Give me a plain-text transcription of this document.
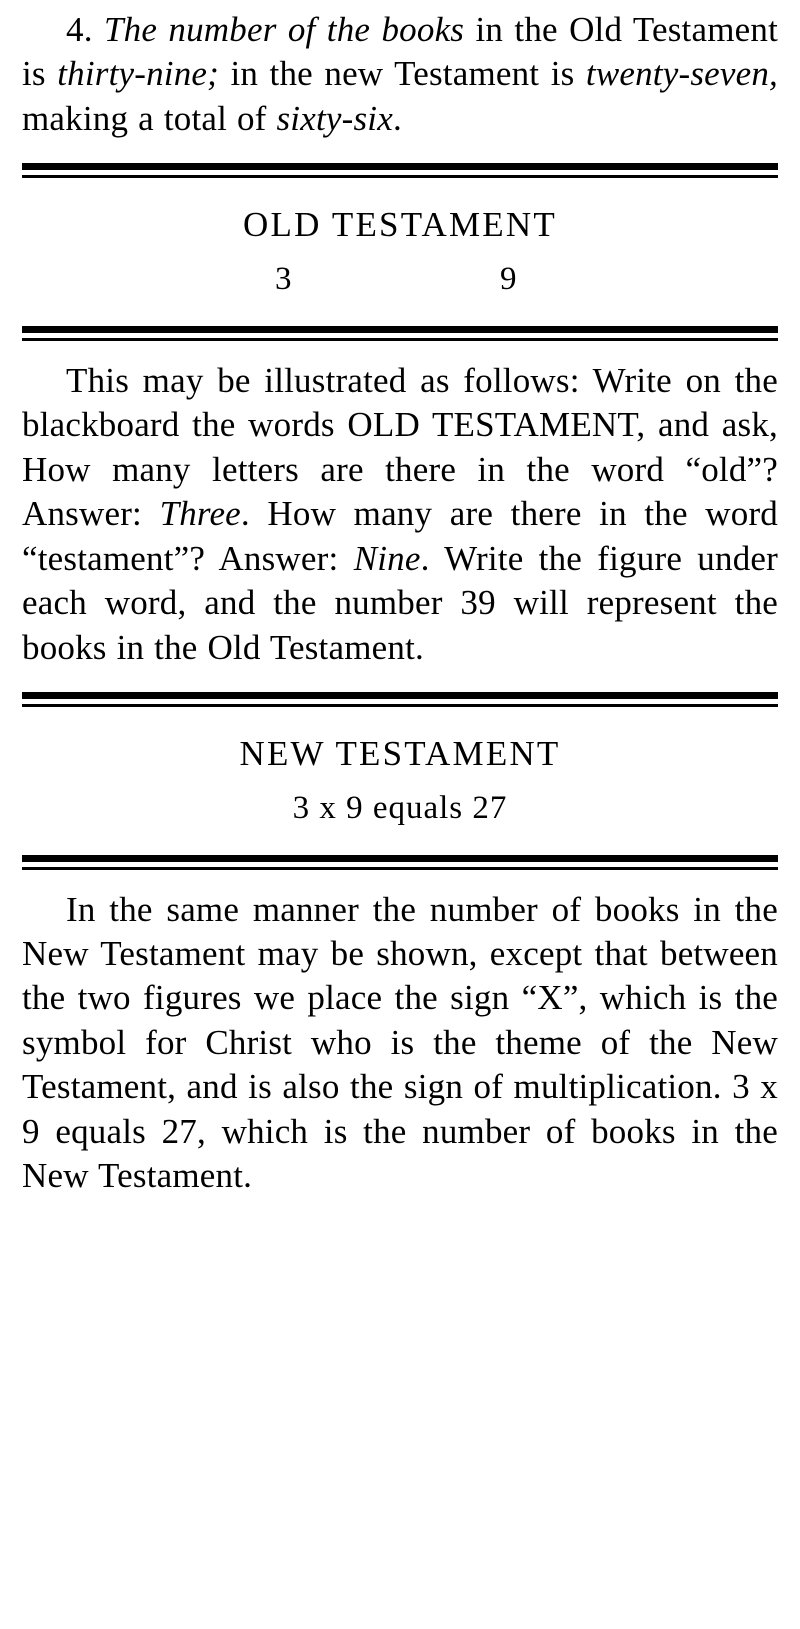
4. The number of the books in the Old Testament is thirty-nine; in the new Testament is twenty-seven, making a total of sixty-six.

OLD TESTAMENT
3	9

This may be illustrated as follows: Write on the blackboard the words OLD TESTAMENT, and ask, How many letters are there in the word “old”? Answer: Three. How many are there in the word “testament”? Answer: Nine. Write the figure under each word, and the number 39 will represent the books in the Old Testament.

NEW TESTAMENT
3 x 9 equals 27

In the same manner the number of books in the New Testament may be shown, except that between the two figures we place the sign “X”, which is the symbol for Christ who is the theme of the New Testament, and is also the sign of multiplication. 3 x 9 equals 27, which is the number of books in the New Testament.
